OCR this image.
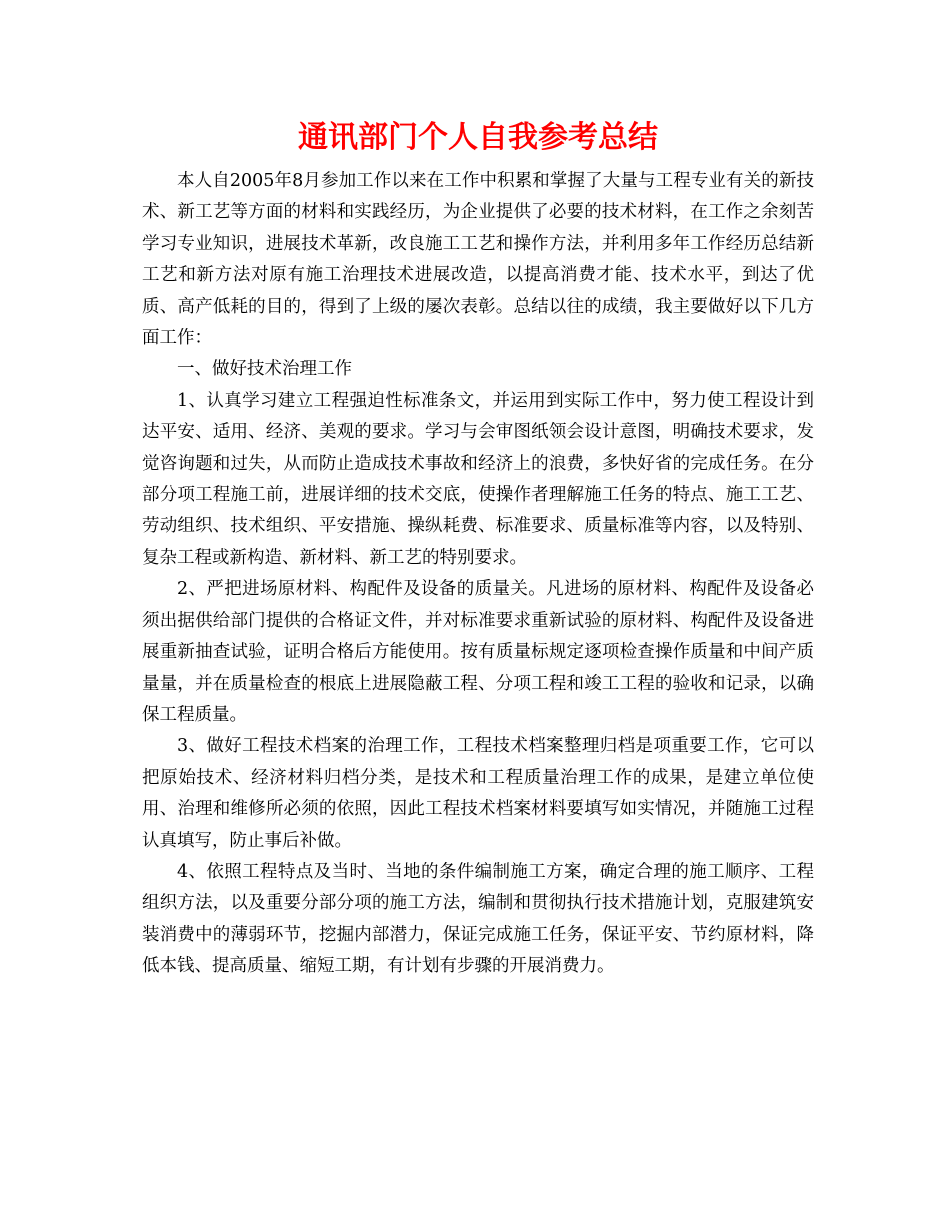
通讯部门个人自我参考总结

本人自2005年8月参加工作以来在工作中积累和掌握了大量与工程专业有关的新技术、新工艺等方面的材料和实践经历，为企业提供了必要的技术材料，在工作之余刻苦学习专业知识，进展技术革新，改良施工工艺和操作方法，并利用多年工作经历总结新工艺和新方法对原有施工治理技术进展改造，以提高消费才能、技术水平，到达了优质、高产低耗的目的，得到了上级的屡次表彰。总结以往的成绩，我主要做好以下几方面工作：

一、做好技术治理工作

1、认真学习建立工程强迫性标准条文，并运用到实际工作中，努力使工程设计到达平安、适用、经济、美观的要求。学习与会审图纸领会设计意图，明确技术要求，发觉咨询题和过失，从而防止造成技术事故和经济上的浪费，多快好省的完成任务。在分部分项工程施工前，进展详细的技术交底，使操作者理解施工任务的特点、施工工艺、劳动组织、技术组织、平安措施、操纵耗费、标准要求、质量标准等内容，以及特别、复杂工程或新构造、新材料、新工艺的特别要求。

2、严把进场原材料、构配件及设备的质量关。凡进场的原材料、构配件及设备必须出据供给部门提供的合格证文件，并对标准要求重新试验的原材料、构配件及设备进展重新抽查试验，证明合格后方能使用。按有质量标规定逐项检查操作质量和中间产质量量，并在质量检查的根底上进展隐蔽工程、分项工程和竣工工程的验收和记录，以确保工程质量。

3、做好工程技术档案的治理工作，工程技术档案整理归档是项重要工作，它可以把原始技术、经济材料归档分类，是技术和工程质量治理工作的成果，是建立单位使用、治理和维修所必须的依照，因此工程技术档案材料要填写如实情况，并随施工过程认真填写，防止事后补做。

4、依照工程特点及当时、当地的条件编制施工方案，确定合理的施工顺序、工程组织方法，以及重要分部分项的施工方法，编制和贯彻执行技术措施计划，克服建筑安装消费中的薄弱环节，挖掘内部潜力，保证完成施工任务，保证平安、节约原材料，降低本钱、提高质量、缩短工期，有计划有步骤的开展消费力。
